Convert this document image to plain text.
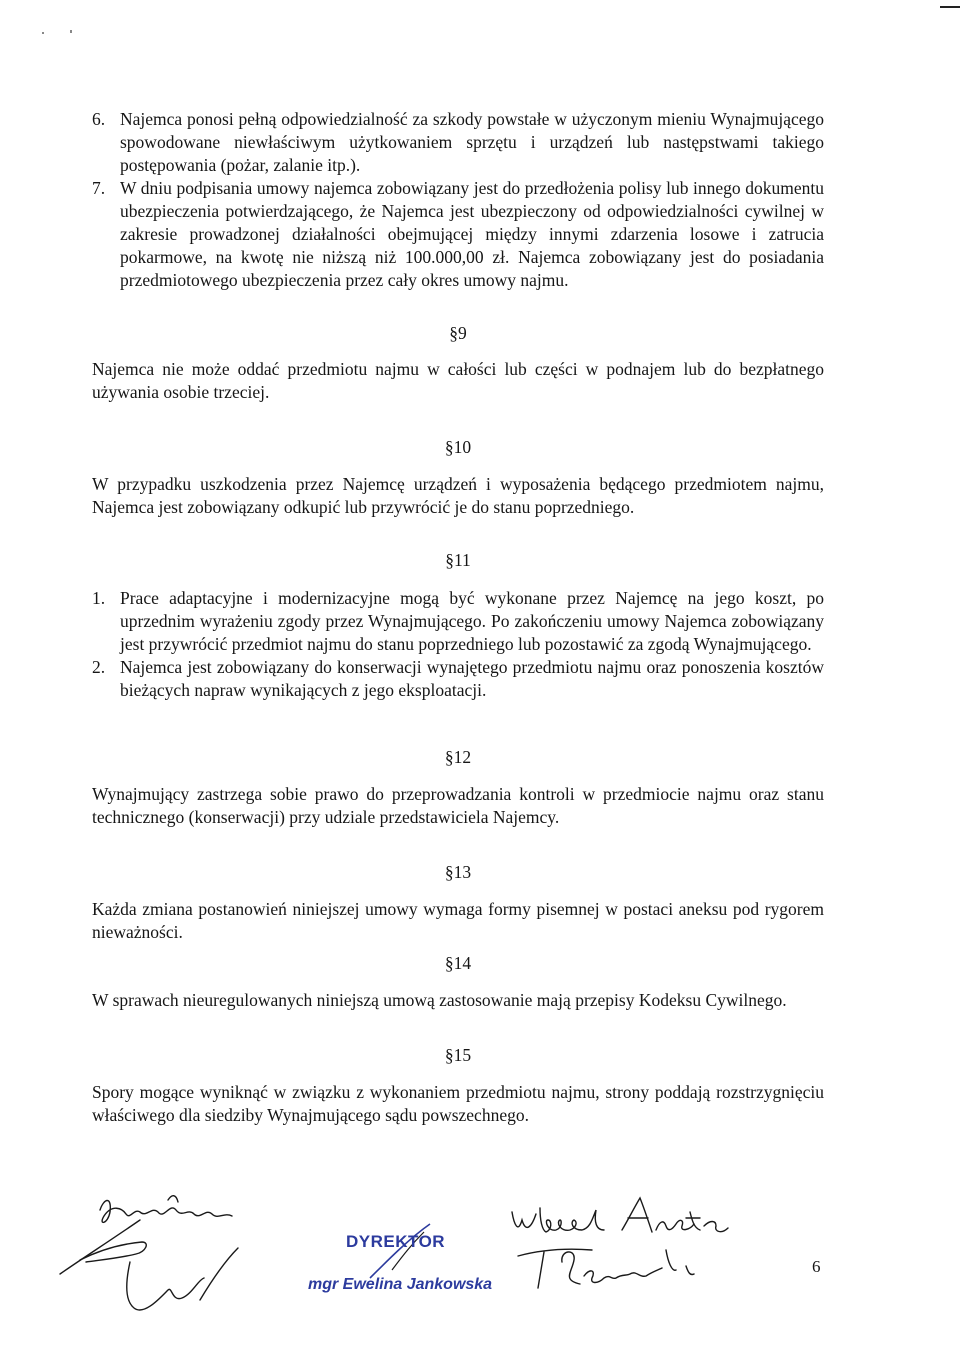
6. Najemca ponosi pełną odpowiedzialność za szkody powstałe w użyczonym mieniu Wynajmującego spowodowane niewłaściwym użytkowaniem sprzętu i urządzeń lub następstwami takiego postępowania (pożar, zalanie itp.).
7. W dniu podpisania umowy najemca zobowiązany jest do przedłożenia polisy lub innego dokumentu ubezpieczenia potwierdzającego, że Najemca jest ubezpieczony od odpowiedzialności cywilnej w zakresie prowadzonej działalności obejmującej między innymi zdarzenia losowe i zatrucia pokarmowe, na kwotę nie niższą niż 100.000,00 zł. Najemca zobowiązany jest do posiadania przedmiotowego ubezpieczenia przez cały okres umowy najmu.

§9

Najemca nie może oddać przedmiotu najmu w całości lub części w podnajem lub do bezpłatnego używania osobie trzeciej.

§10

W przypadku uszkodzenia przez Najemcę urządzeń i wyposażenia będącego przedmiotem najmu, Najemca jest zobowiązany odkupić lub przywrócić je do stanu poprzedniego.

§11

1. Prace adaptacyjne i modernizacyjne mogą być wykonane przez Najemcę na jego koszt, po uprzednim wyrażeniu zgody przez Wynajmującego. Po zakończeniu umowy Najemca zobowiązany jest przywrócić przedmiot najmu do stanu poprzedniego lub pozostawić za zgodą Wynajmującego.
2. Najemca jest zobowiązany do konserwacji wynajętego przedmiotu najmu oraz ponoszenia kosztów bieżących napraw wynikających z jego eksploatacji.

§12

Wynajmujący zastrzega sobie prawo do przeprowadzania kontroli w przedmiocie najmu oraz stanu technicznego (konserwacji) przy udziale przedstawiciela Najemcy.

§13

Każda zmiana postanowień niniejszej umowy wymaga formy pisemnej w postaci aneksu pod rygorem nieważności.

§14

W sprawach nieuregulowanych niniejszą umową zastosowanie mają przepisy Kodeksu Cywilnego.

§15

Spory mogące wyniknąć w związku z wykonaniem przedmiotu najmu, strony poddają rozstrzygnięciu właściwego dla siedziby Wynajmującego sądu powszechnego.

DYREKTOR
mgr Ewelina Jankowska
6
